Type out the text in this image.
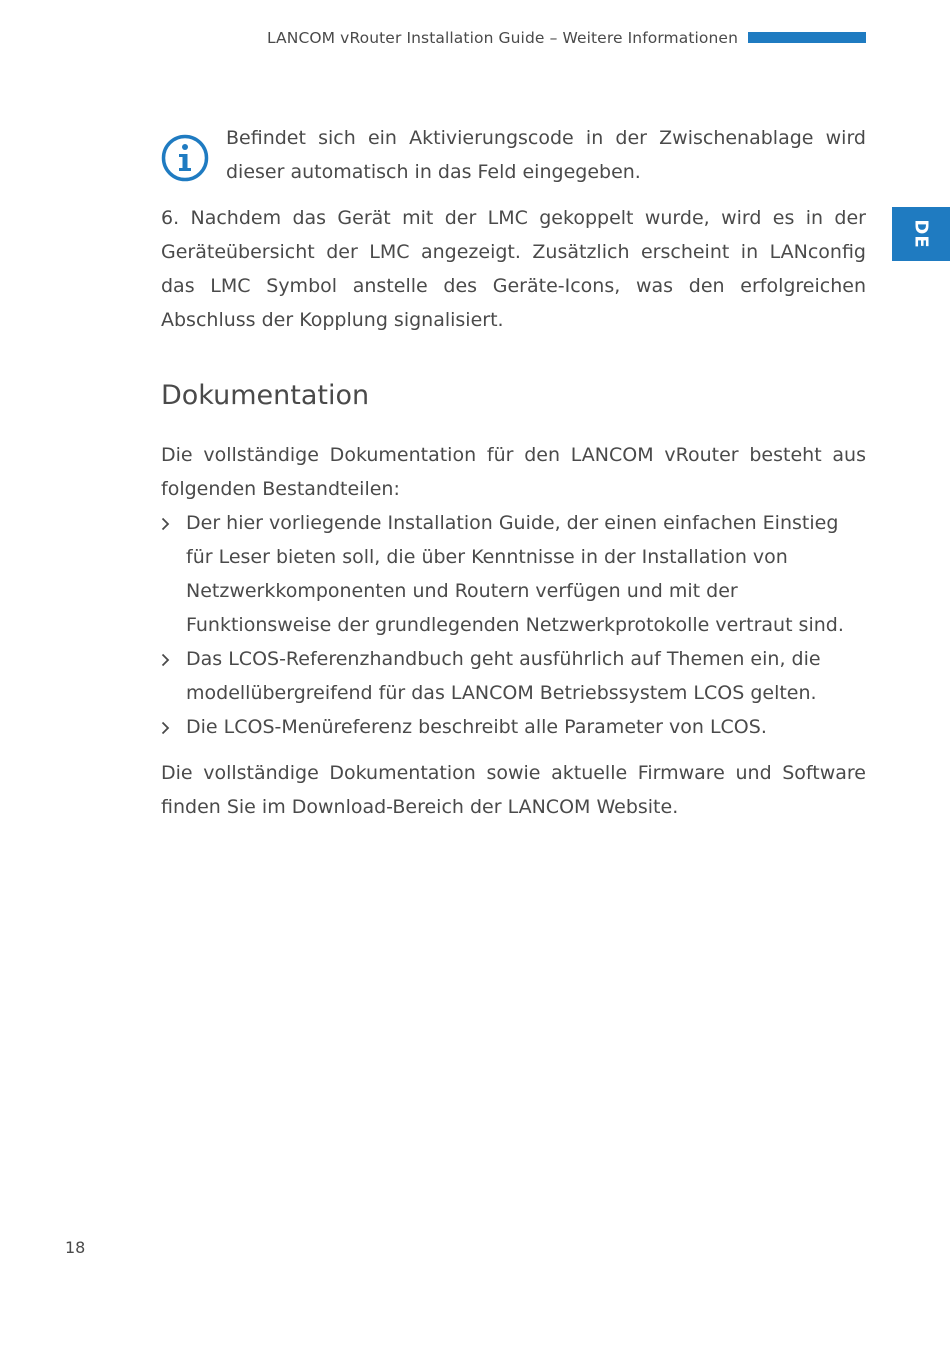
LANCOM vRouter Installation Guide – Weitere Informationen
DE
Befindet sich ein Aktivierungscode in der Zwischenablage wird dieser automatisch in das Feld eingegeben.
6. Nachdem das Gerät mit der LMC gekoppelt wurde, wird es in der Geräteübersicht der LMC angezeigt. Zusätzlich erscheint in LANconfig das LMC Symbol anstelle des Geräte-Icons, was den erfolgreichen Abschluss der Kopplung signalisiert.
Dokumentation
Die vollständige Dokumentation für den LANCOM vRouter besteht aus folgenden Bestandteilen:
Der hier vorliegende Installation Guide, der einen einfachen Einstieg für Leser bieten soll, die über Kenntnisse in der Installation von Netzwerkkomponenten und Routern verfügen und mit der Funktionsweise der grundlegenden Netzwerkprotokolle vertraut sind.
Das LCOS-Referenzhandbuch geht ausführlich auf Themen ein, die modellübergreifend für das LANCOM Betriebssystem LCOS gelten.
Die LCOS-Menüreferenz beschreibt alle Parameter von LCOS.
Die vollständige Dokumentation sowie aktuelle Firmware und Software finden Sie im Download-Bereich der LANCOM Website.
18
